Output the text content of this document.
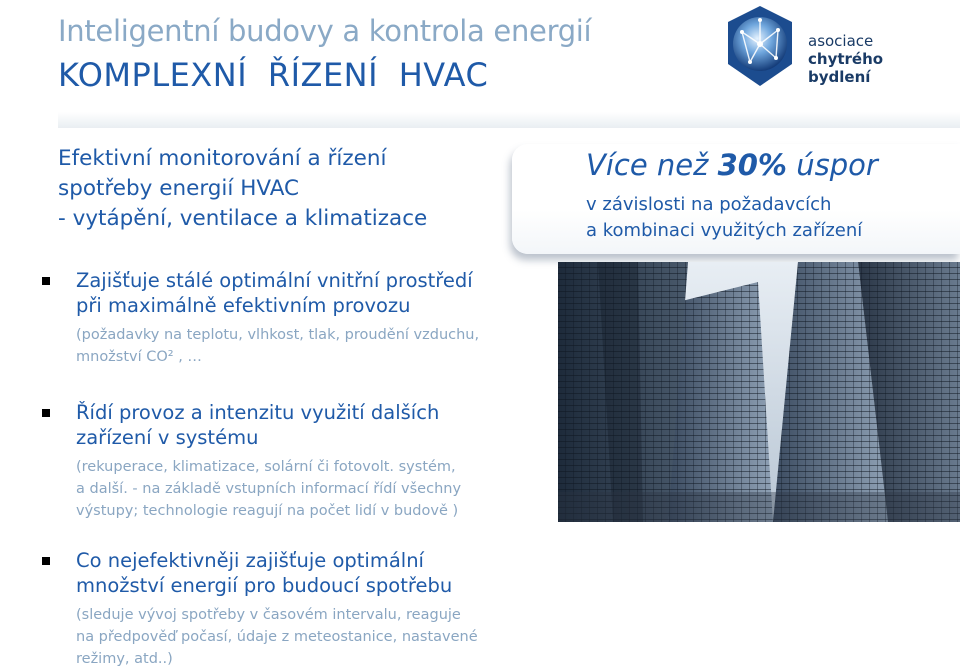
Inteligentní budovy a kontrola energií
KOMPLEXNÍ ŘÍZENÍ HVAC
asociace
chytrého bydlení
Efektivní monitorování a řízení
spotřeby energií HVAC
- vytápění, ventilace a klimatizace
Více než 30% úspor
v závislosti na požadavcích
a kombinaci využitých zařízení
Zajišťuje stálé optimální vnitřní prostředí
při maximálně efektivním provozu
(požadavky na teplotu, vlhkost, tlak, proudění vzduchu,
množství CO² , …
Řídí provoz a intenzitu využití dalších
zařízení v systému
(rekuperace, klimatizace, solární či fotovolt. systém,
a další. - na základě vstupních informací řídí všechny
výstupy; technologie reagují na počet lidí v budově )
Co nejefektivněji zajišťuje optimální
množství energií pro budoucí spotřebu
(sleduje vývoj spotřeby v časovém intervalu, reaguje
na předpověď počasí, údaje z meteostanice, nastavené
režimy, atd..)
